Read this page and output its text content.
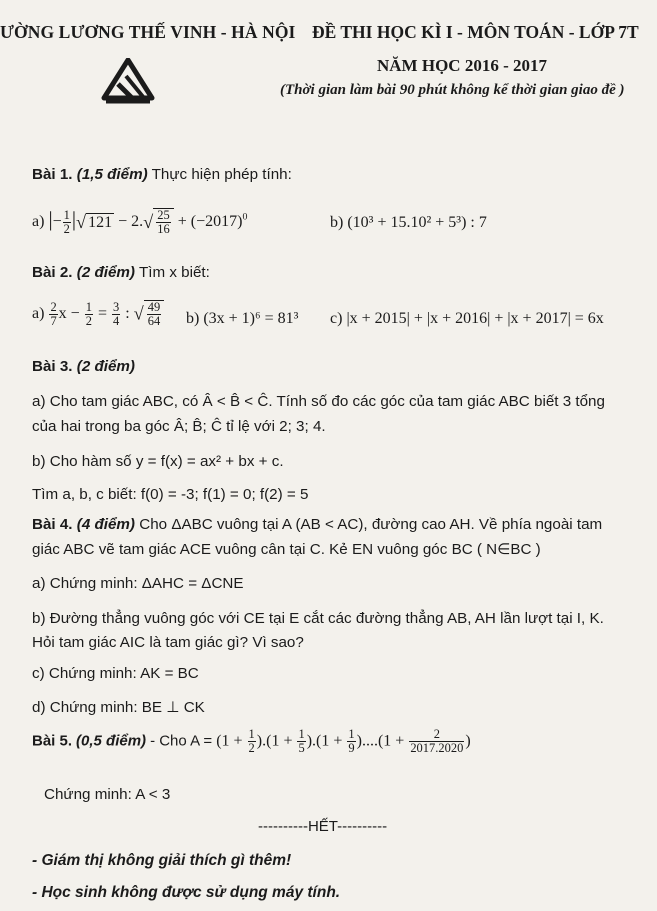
ƯỜNG LƯƠNG THẾ VINH - HÀ NỘI ĐỀ THI HỌC KÌ I - MÔN TOÁN - LỚP 7T
NĂM HỌC 2016 - 2017
(Thời gian làm bài 90 phút không kể thời gian giao đề )
Bài 1. (1,5 điểm) Thực hiện phép tính:
a) |− $\frac{1}{2}$ |√ $121 - 2.√ \frac{25}{16} + (-2017)^0$	b) (10³ + 15.10² + 5³) : 7
Bài 2. (2 điểm) Tìm x biết:
$a) \frac{2}{7}$ $x - \frac{1}{2} = \frac{3}{4}$ : √ $\frac{49}{64} b$) (3x + 1)⁶ = 81³ c) |x + 2015| + |x + 2016| + |x + 2017| = 6x
Bài 3. (2 điểm)
a) Cho tam giác ABC, có Â < B̂ < Ĉ. Tính số đo các góc của tam giác ABC biết 3 tổng
của hai trong ba góc Â; B̂; Ĉ tỉ lệ với 2; 3; 4.
b) Cho hàm số y = f(x) = ax² + bx + c.
Tìm a, b, c biết: f(0) = -3; f(1) = 0; f(2) = 5
Bài 4. (4 điểm) Cho ΔABC vuông tại A (AB < AC), đường cao AH. Về phía ngoài tam
giác ABC vẽ tam giác ACE vuông cân tại C. Kẻ EN vuông góc BC ( N∈BC )
a) Chứng minh: ΔAHC = ΔCNE
b) Đường thẳng vuông góc với CE tại E cắt các đường thẳng AB, AH lần lượt tại I, K.
Hỏi tam giác AIC là tam giác gì? Vì sao?
c) Chứng minh: AK = BC
d) Chứng minh: BE ⊥ CK
Bài 5. (0,5 điểm) - Cho $A = (1 + \frac{1}{2} ).(1 + \frac{1}{5} ).(1 + \frac{1}{9} )....(1 + \frac{2}{2017.2020}$ )
Chứng minh: A < 3
----------HẾT----------
- Giám thị không giải thích gì thêm!
- Học sinh không được sử dụng máy tính.
